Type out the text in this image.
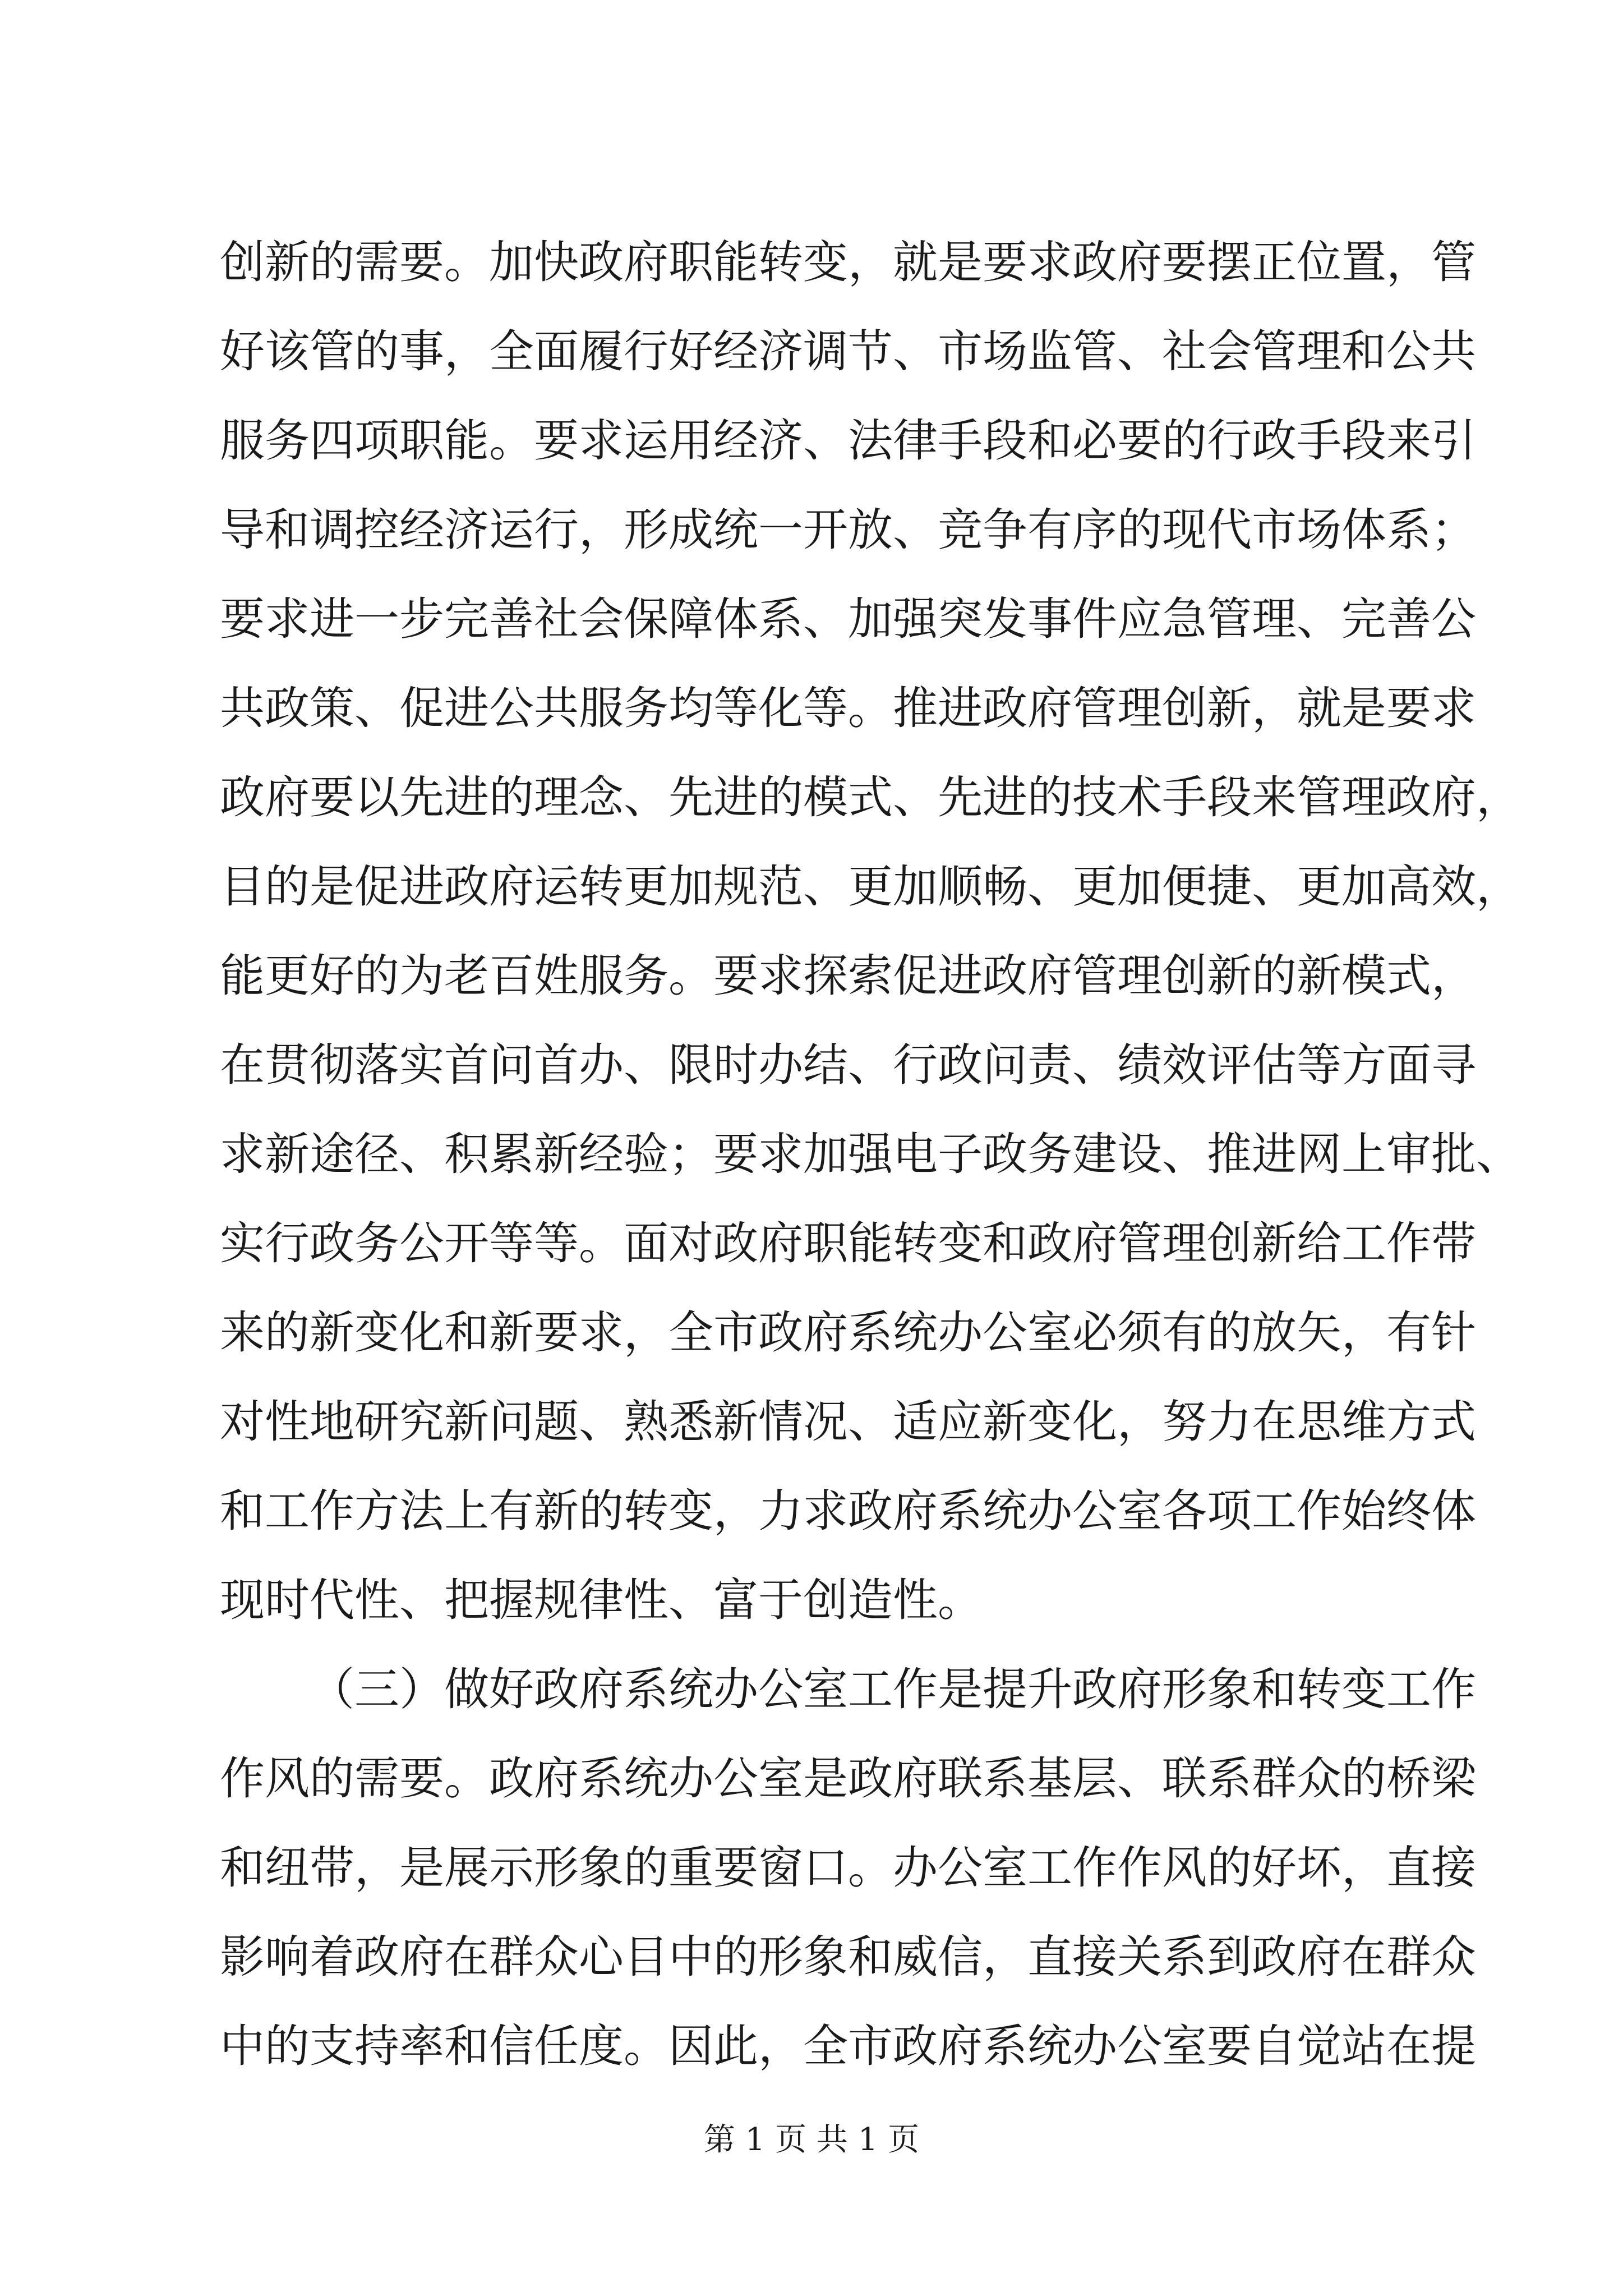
创新的需要。加快政府职能转变，就是要求政府要摆正位置，管
好该管的事，全面履行好经济调节、市场监管、社会管理和公共
服务四项职能。要求运用经济、法律手段和必要的行政手段来引
导和调控经济运行，形成统一开放、竞争有序的现代市场体系；
要求进一步完善社会保障体系、加强突发事件应急管理、完善公
共政策、促进公共服务均等化等。推进政府管理创新，就是要求
政府要以先进的理念、先进的模式、先进的技术手段来管理政府，
目的是促进政府运转更加规范、更加顺畅、更加便捷、更加高效，
能更好的为老百姓服务。要求探索促进政府管理创新的新模式，
在贯彻落实首问首办、限时办结、行政问责、绩效评估等方面寻
求新途径、积累新经验；要求加强电子政务建设、推进网上审批、
实行政务公开等等。面对政府职能转变和政府管理创新给工作带
来的新变化和新要求，全市政府系统办公室必须有的放矢，有针
对性地研究新问题、熟悉新情况、适应新变化，努力在思维方式
和工作方法上有新的转变，力求政府系统办公室各项工作始终体
现时代性、把握规律性、富于创造性。
（三）做好政府系统办公室工作是提升政府形象和转变工作
作风的需要。政府系统办公室是政府联系基层、联系群众的桥梁
和纽带，是展示形象的重要窗口。办公室工作作风的好坏，直接
影响着政府在群众心目中的形象和威信，直接关系到政府在群众
中的支持率和信任度。因此，全市政府系统办公室要自觉站在提
第 1 页 共 1 页
